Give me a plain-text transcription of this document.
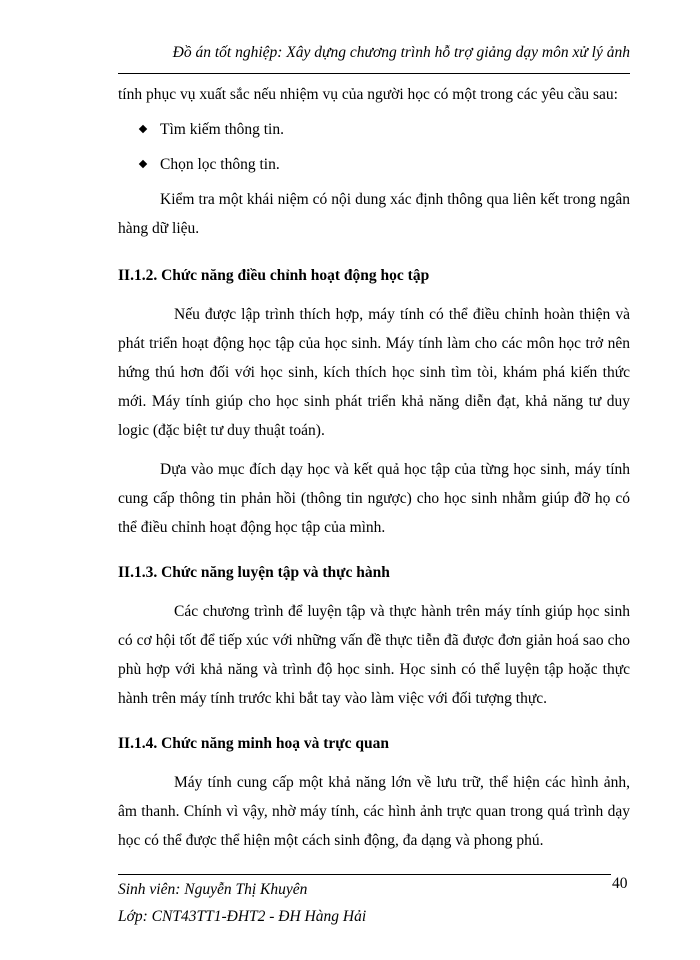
Đồ án tốt nghiệp: Xây dựng chương trình hỗ trợ giảng dạy môn xử lý ảnh

tính phục vụ xuất sắc nếu nhiệm vụ của người học có một trong các yêu cầu sau:

Tìm kiếm thông tin.
Chọn lọc thông tin.

Kiểm tra một khái niệm có nội dung xác định thông qua liên kết trong ngân hàng dữ liệu.

II.1.2. Chức năng điều chỉnh hoạt động học tập

Nếu được lập trình thích hợp, máy tính có thể điều chỉnh hoàn thiện và phát triển hoạt động học tập của học sinh. Máy tính làm cho các môn học trở nên hứng thú hơn đối với học sinh, kích thích học sinh tìm tòi, khám phá kiến thức mới. Máy tính giúp cho học sinh phát triển khả năng diễn đạt, khả năng tư duy logic (đặc biệt tư duy thuật toán).

Dựa vào mục đích dạy học và kết quả học tập của từng học sinh, máy tính cung cấp thông tin phản hồi (thông tin ngược) cho học sinh nhằm giúp đỡ họ có thể điều chỉnh hoạt động học tập của mình.

II.1.3. Chức năng luyện tập và thực hành

Các chương trình để luyện tập và thực hành trên máy tính giúp học sinh có cơ hội tốt để tiếp xúc với những vấn đề thực tiễn đã được đơn giản hoá sao cho phù hợp với khả năng và trình độ học sinh. Học sinh có thể luyện tập hoặc thực hành trên máy tính trước khi bắt tay vào làm việc với đối tượng thực.

II.1.4. Chức năng minh hoạ và trực quan

Máy tính cung cấp một khả năng lớn về lưu trữ, thể hiện các hình ảnh, âm thanh. Chính vì vậy, nhờ máy tính, các hình ảnh trực quan trong quá trình dạy học có thể được thể hiện một cách sinh động, đa dạng và phong phú.

Sinh viên: Nguyễn Thị Khuyên
Lớp: CNT43TT1-ĐHT2 - ĐH Hàng Hải
40
